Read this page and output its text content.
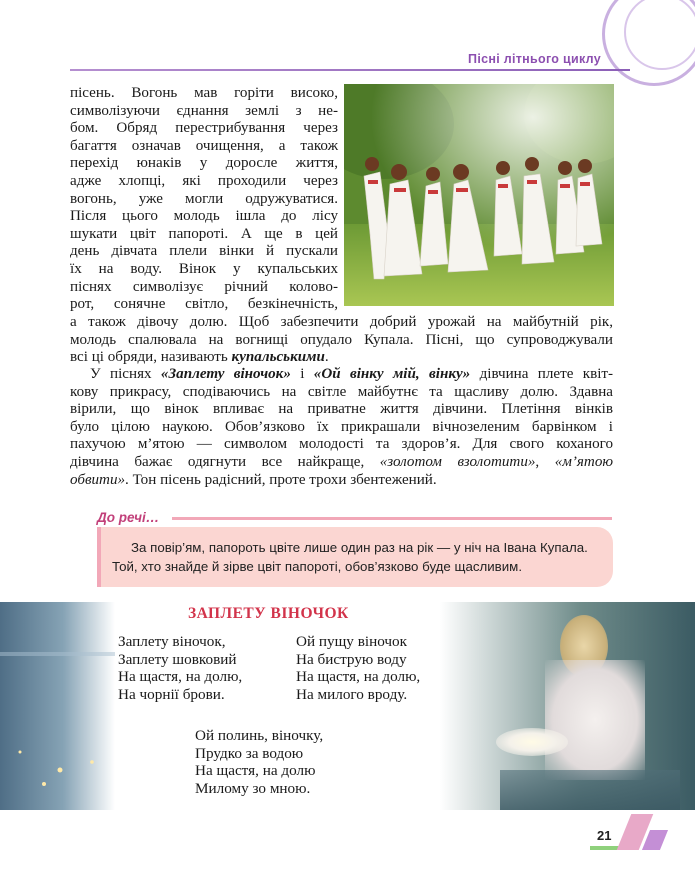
Пісні літнього циклу
пісень. Вогонь мав горіти високо,
символізуючи єднання землі з не-
бом. Обряд перестрибування через
багаття означав очищення, а також
перехід юнаків у доросле життя,
адже хлопці, які проходили через
вогонь, уже могли одружуватися.
Після цього молодь ішла до лісу
шукати цвіт папороті. А ще в цей
день дівчата плели вінки й пускали
їх на воду. Вінок у купальських
піснях символізує річний коловo-
рот, сонячне світло, безкінечність,
а також дівочу долю. Щоб забезпечити добрий урожай на майбутній рік,
молодь спалювала на вогнищі опудало Купала. Пісні, що супроводжували
всі ці обряди, називають купальськими.
У піснях «Заплету віночок» і «Ой вінку мій, вінку» дівчина плете квіт-
кову прикрасу, сподіваючись на світле майбутнє та щасливу долю. Здавна
вірили, що вінок впливає на приватне життя дівчини. Плетіння вінків
було цілою наукою. Обов’язково їх прикрашали вічнозеленим барвінком і
пахучою м’ятою — символом молодості та здоров’я. Для свого коханого
дівчина бажає одягнути все найкраще, «золотом взолотити», «м’ятою
обвити». Тон пісень радісний, проте трохи збентежений.
До речі…
За повір’ям, папороть цвіте лише один раз на рік — у ніч на Івана Купала.
Той, хто знайде й зірве цвіт папороті, обов’язково буде щасливим.
ЗАПЛЕТУ ВІНОЧОК
Заплету віночок,
Заплету шовковий
На щастя, на долю,
На чорнії брови.
Ой пущу віночок
На биструю воду
На щастя, на долю,
На милого вроду.
Ой полинь, віночку,
Прудко за водою
На щастя, на долю
Милому зо мною.
21
